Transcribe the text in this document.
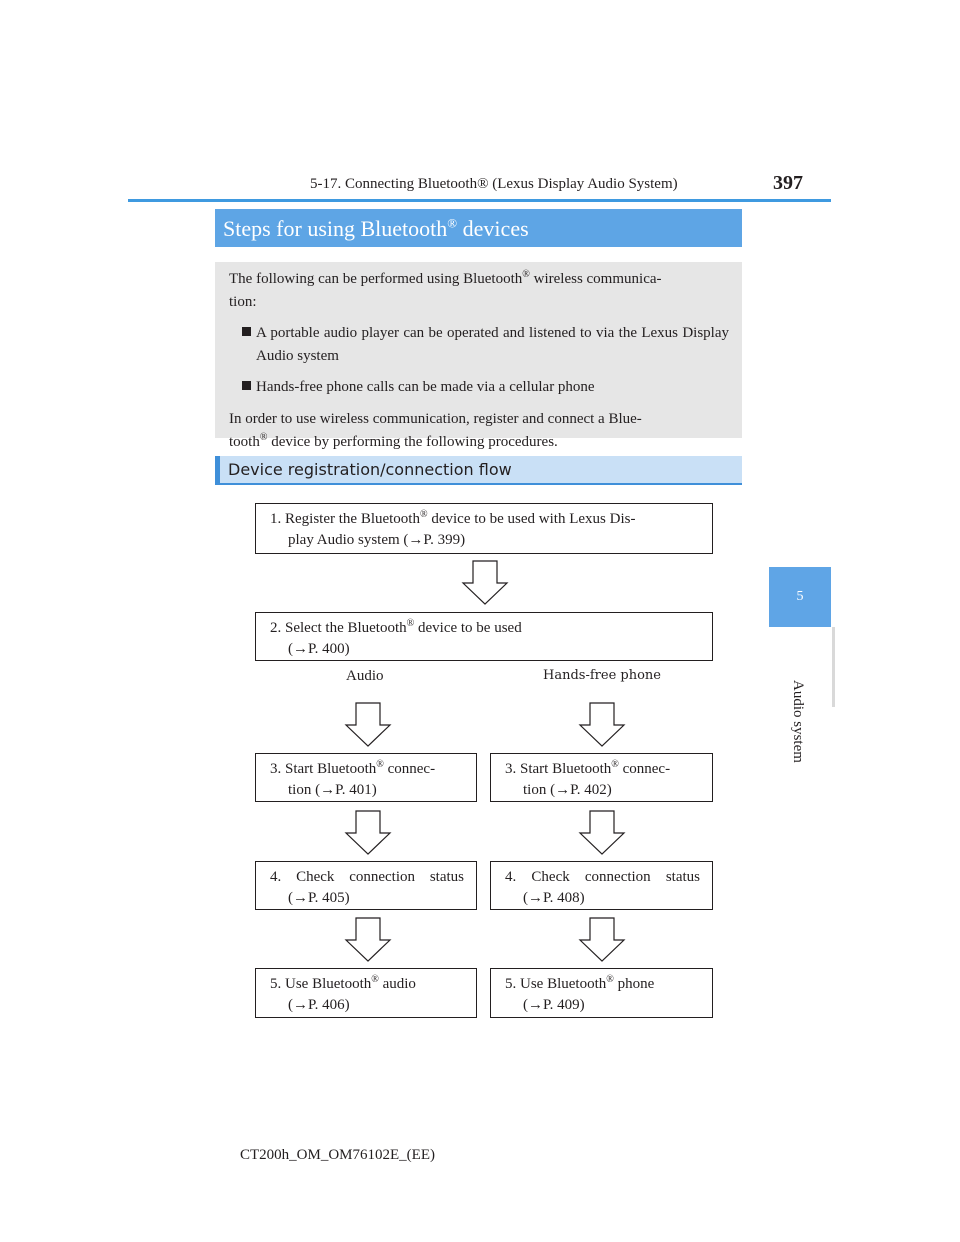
5-17. Connecting Bluetooth® (Lexus Display Audio System)	397
5
Audio system
Steps for using Bluetooth® devices

The following can be performed using Bluetooth® wireless communica-
tion:

A portable audio player can be operated and listened to via the Lexus Display Audio system

Hands-free phone calls can be made via a cellular phone

In order to use wireless communication, register and connect a Blue-
tooth® device by performing the following procedures.

Device registration/connection flow
1. Register the Bluetooth® device to be used with Lexus Dis-
play Audio system (→P. 399)
2. Select the Bluetooth® device to be used
(→P. 400)
Audio	Hands-free phone
3. Start Bluetooth® connec-
tion (→P. 401)
3. Start Bluetooth® connec-
tion (→P. 402)
4. Check connection status
(→P. 405)
4. Check connection status
(→P. 408)
5. Use Bluetooth® audio
(→P. 406)
5. Use Bluetooth® phone
(→P. 409)
CT200h_OM_OM76102E_(EE)
